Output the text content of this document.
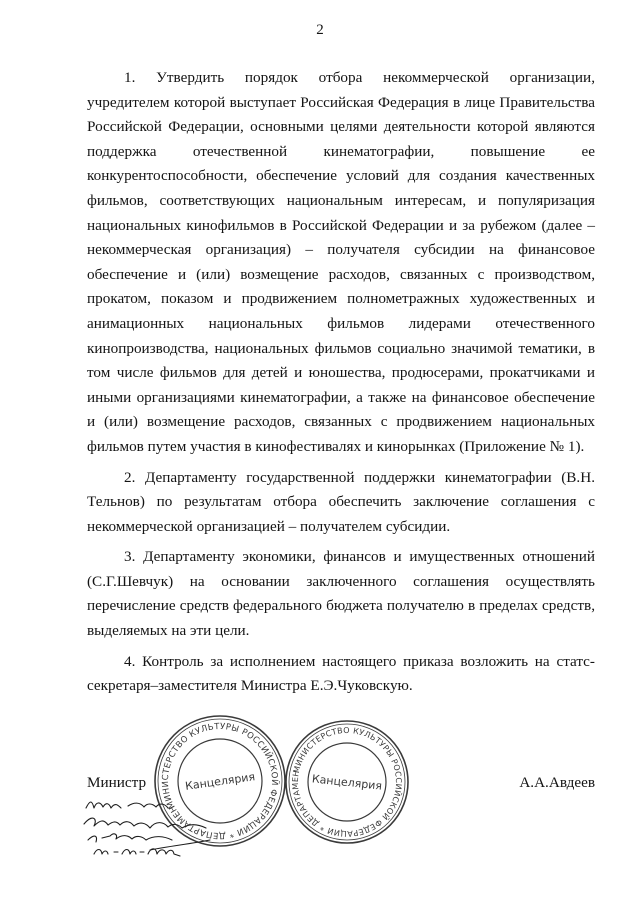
2

1. Утвердить порядок отбора некоммерческой организации, учредителем которой выступает Российская Федерация в лице Правительства Российской Федерации, основными целями деятельности которой являются поддержка отечественной кинематографии, повышение ее конкурентоспособности, обеспечение условий для создания качественных фильмов, соответствующих национальным интересам, и популяризация национальных кинофильмов в Российской Федерации и за рубежом (далее – некоммерческая организация) – получателя субсидии на финансовое обеспечение и (или) возмещение расходов, связанных с производством, прокатом, показом и продвижением полнометражных художественных и анимационных национальных фильмов лидерами отечественного кинопроизводства, национальных фильмов социально значимой тематики, в том числе фильмов для детей и юношества, продюсерами, прокатчиками и иными организациями кинематографии, а также на финансовое обеспечение и (или) возмещение расходов, связанных с продвижением национальных фильмов путем участия в кинофестивалях и кинорынках (Приложение № 1).

2. Департаменту государственной поддержки кинематографии (В.Н. Тельнов) по результатам отбора обеспечить заключение соглашения с некоммерческой организацией – получателем субсидии.

3. Департаменту экономики, финансов и имущественных отношений (С.Г.Шевчук) на основании заключенного соглашения осуществлять перечисление средств федерального бюджета получателю в пределах средств, выделяемых на эти цели.

4. Контроль за исполнением настоящего приказа возложить на статс-секретаря–заместителя Министра Е.Э.Чуковскую.

МИНИСТЕРСТВО КУЛЬТУРЫ РОССИЙСКОЙ ФЕДЕРАЦИИ * ДЕПАРТАМЕНТ
Канцелярия
МИНИСТЕРСТВО КУЛЬТУРЫ РОССИЙСКОЙ ФЕДЕРАЦИИ * ДЕПАРТАМЕНТ
Канцелярия
Министр	А.А.Авдеев
